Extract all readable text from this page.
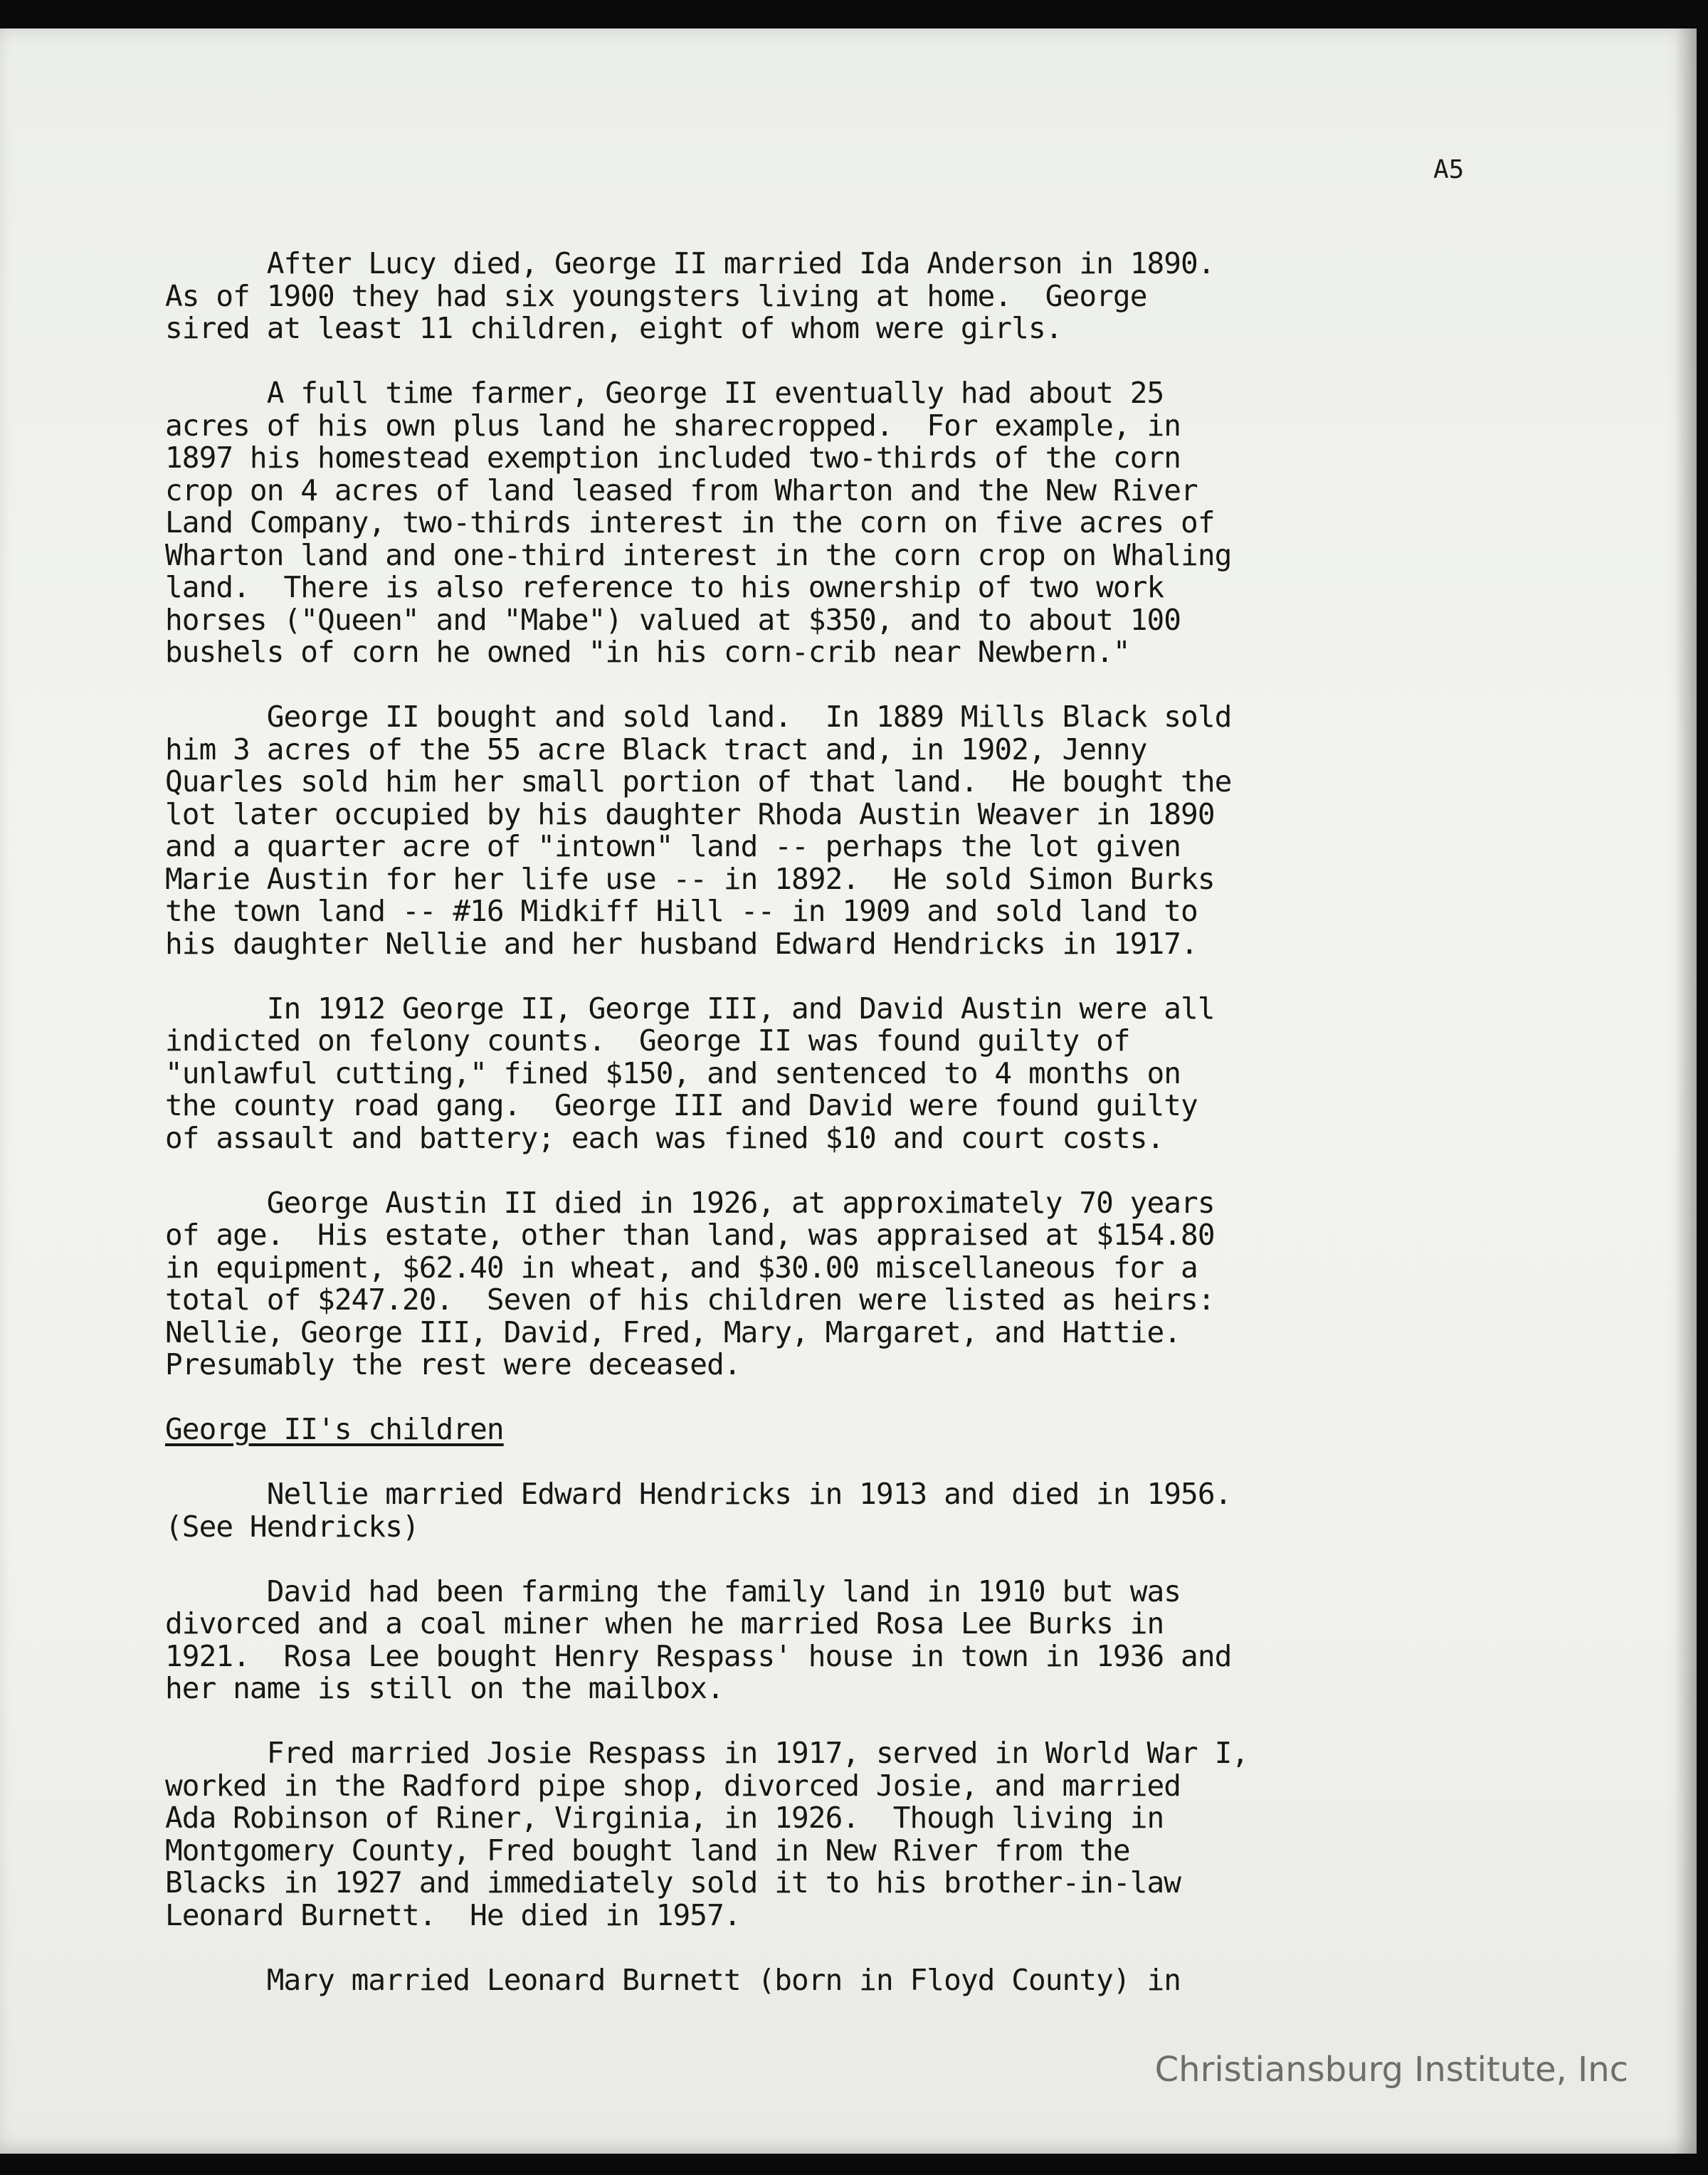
A5

After Lucy died, George II married Ida Anderson in 1890.
As of 1900 they had six youngsters living at home.  George
sired at least 11 children, eight of whom were girls.

A full time farmer, George II eventually had about 25
acres of his own plus land he sharecropped.  For example, in
1897 his homestead exemption included two-thirds of the corn
crop on 4 acres of land leased from Wharton and the New River
Land Company, two-thirds interest in the corn on five acres of
Wharton land and one-third interest in the corn crop on Whaling
land.  There is also reference to his ownership of two work
horses ("Queen" and "Mabe") valued at $350, and to about 100
bushels of corn he owned "in his corn-crib near Newbern."

George II bought and sold land.  In 1889 Mills Black sold
him 3 acres of the 55 acre Black tract and, in 1902, Jenny
Quarles sold him her small portion of that land.  He bought the
lot later occupied by his daughter Rhoda Austin Weaver in 1890
and a quarter acre of "intown" land -- perhaps the lot given
Marie Austin for her life use -- in 1892.  He sold Simon Burks
the town land -- #16 Midkiff Hill -- in 1909 and sold land to
his daughter Nellie and her husband Edward Hendricks in 1917.

In 1912 George II, George III, and David Austin were all
indicted on felony counts.  George II was found guilty of
"unlawful cutting," fined $150, and sentenced to 4 months on
the county road gang.  George III and David were found guilty
of assault and battery; each was fined $10 and court costs.

George Austin II died in 1926, at approximately 70 years
of age.  His estate, other than land, was appraised at $154.80
in equipment, $62.40 in wheat, and $30.00 miscellaneous for a
total of $247.20.  Seven of his children were listed as heirs:
Nellie, George III, David, Fred, Mary, Margaret, and Hattie.
Presumably the rest were deceased.

George II's children

Nellie married Edward Hendricks in 1913 and died in 1956.
(See Hendricks)

David had been farming the family land in 1910 but was
divorced and a coal miner when he married Rosa Lee Burks in
1921.  Rosa Lee bought Henry Respass' house in town in 1936 and
her name is still on the mailbox.

Fred married Josie Respass in 1917, served in World War I,
worked in the Radford pipe shop, divorced Josie, and married
Ada Robinson of Riner, Virginia, in 1926.  Though living in
Montgomery County, Fred bought land in New River from the
Blacks in 1927 and immediately sold it to his brother-in-law
Leonard Burnett.  He died in 1957.

Mary married Leonard Burnett (born in Floyd County) in

Christiansburg Institute, Inc
